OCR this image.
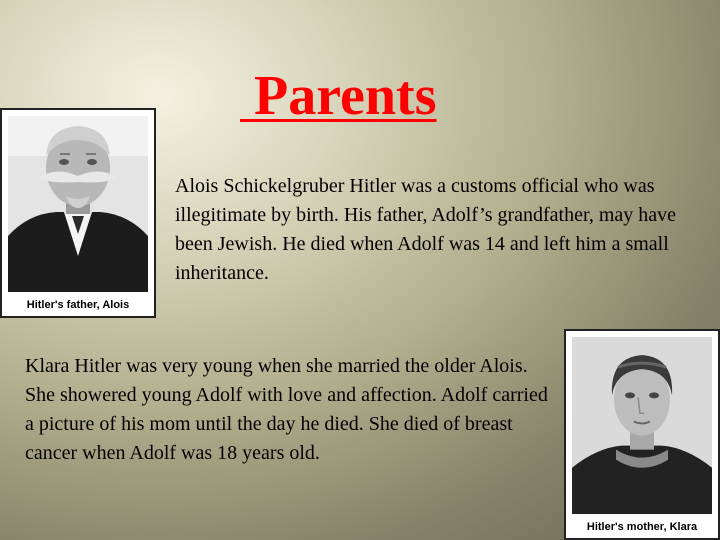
Parents

Alois Schickelgruber Hitler was a customs official who was illegitimate by birth. His father, Adolf’s grandfather, may have been Jewish. He died when Adolf was 14 and left him a small inheritance.

Klara Hitler was very young when she married the older Alois. She showered young Adolf with love and affection. Adolf carried a picture of his mom until the day he died. She died of breast cancer when Adolf was 18 years old.

Hitler's father, Alois
Hitler's mother, Klara
